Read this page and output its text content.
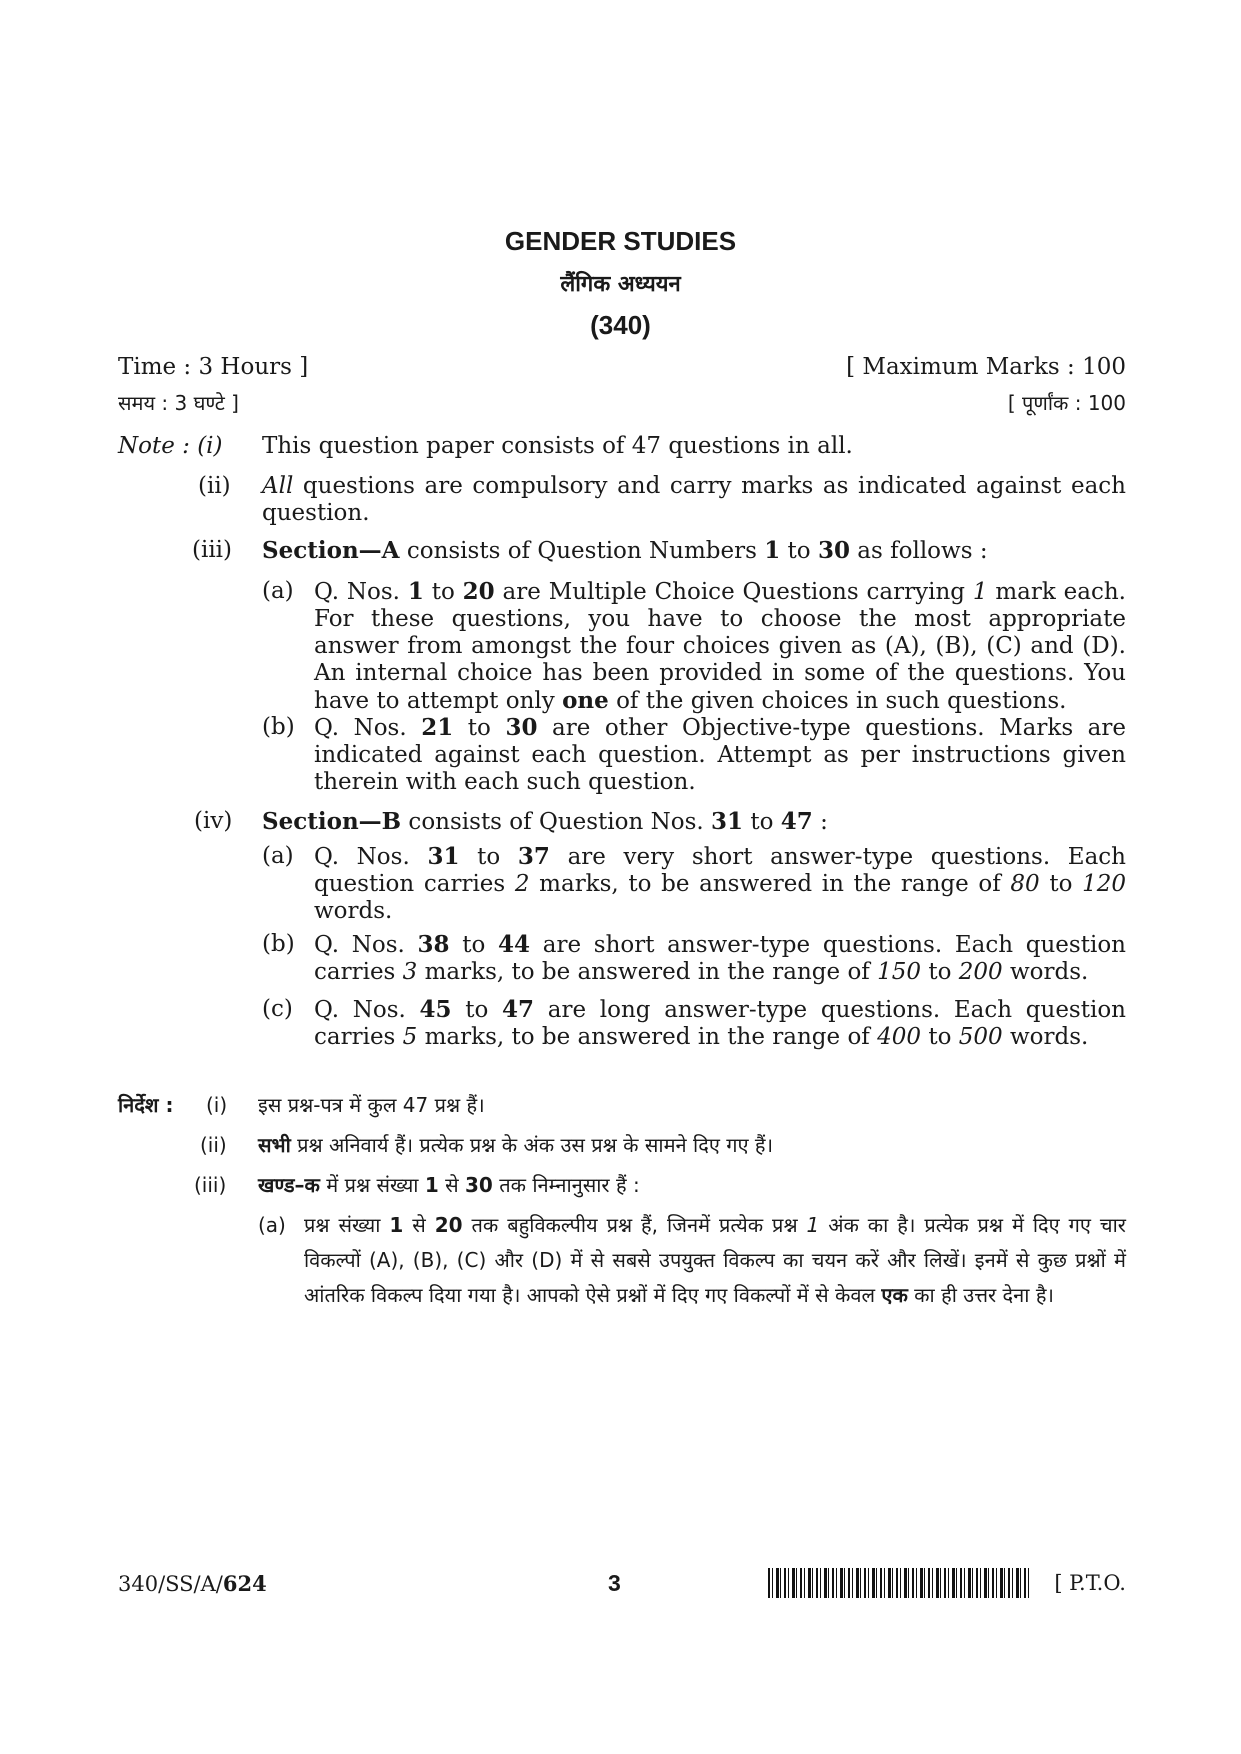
GENDER STUDIES
लैंगिक अध्ययन
(340)
Time : 3 Hours ]	[ Maximum Marks : 100
समय : 3 घण्टे ]	[ पूर्णांक : 100
Note : (i) This question paper consists of 47 questions in all.
(ii) All questions are compulsory and carry marks as indicated against each question.
(iii) Section—A consists of Question Numbers 1 to 30 as follows :
(a) Q. Nos. 1 to 20 are Multiple Choice Questions carrying 1 mark each. For these questions, you have to choose the most appropriate answer from amongst the four choices given as (A), (B), (C) and (D). An internal choice has been provided in some of the questions. You have to attempt only one of the given choices in such questions.
(b) Q. Nos. 21 to 30 are other Objective-type questions. Marks are indicated against each question. Attempt as per instructions given therein with each such question.
(iv) Section—B consists of Question Nos. 31 to 47 :
(a) Q. Nos. 31 to 37 are very short answer-type questions. Each question carries 2 marks, to be answered in the range of 80 to 120 words.
(b) Q. Nos. 38 to 44 are short answer-type questions. Each question carries 3 marks, to be answered in the range of 150 to 200 words.
(c) Q. Nos. 45 to 47 are long answer-type questions. Each question carries 5 marks, to be answered in the range of 400 to 500 words.
निर्देश : (i) इस प्रश्न-पत्र में कुल 47 प्रश्न हैं।
(ii) सभी प्रश्न अनिवार्य हैं। प्रत्येक प्रश्न के अंक उस प्रश्न के सामने दिए गए हैं।
(iii) खण्ड–क में प्रश्न संख्या 1 से 30 तक निम्नानुसार हैं :
(a) प्रश्न संख्या 1 से 20 तक बहुविकल्पीय प्रश्न हैं, जिनमें प्रत्येक प्रश्न 1 अंक का है। प्रत्येक प्रश्न में दिए गए चार विकल्पों (A), (B), (C) और (D) में से सबसे उपयुक्त विकल्प का चयन करें और लिखें। इनमें से कुछ प्रश्नों में आंतरिक विकल्प दिया गया है। आपको ऐसे प्रश्नों में दिए गए विकल्पों में से केवल एक का ही उत्तर देना है।
340/SS/A/624	3	[ P.T.O.
